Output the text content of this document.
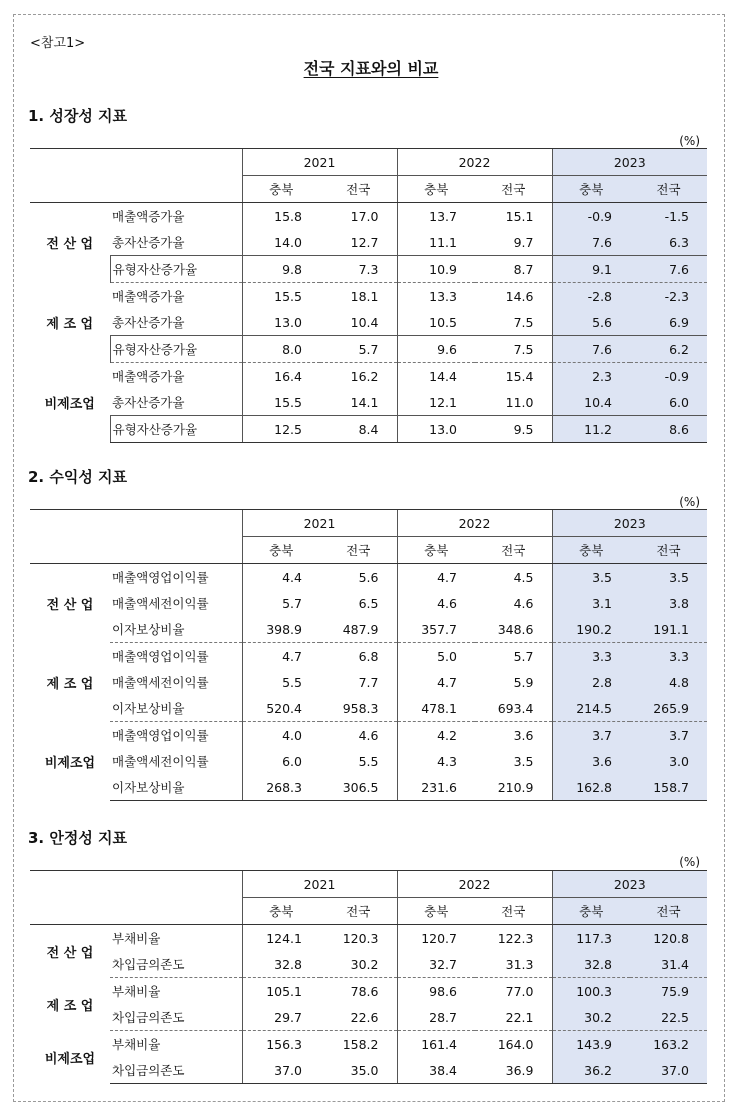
<참고1>
전국 지표와의 비교
1. 성장성 지표
(%)
		2021		2022		2023	
		충북	전국	충북	전국	충북	전국
전 산 업	매출액증가율	15.8	17.0	13.7	15.1	-0.9	-1.5
	총자산증가율	14.0	12.7	11.1	9.7	7.6	6.3
	유형자산증가율	9.8	7.3	10.9	8.7	9.1	7.6
제 조 업	매출액증가율	15.5	18.1	13.3	14.6	-2.8	-2.3
	총자산증가율	13.0	10.4	10.5	7.5	5.6	6.9
	유형자산증가율	8.0	5.7	9.6	7.5	7.6	6.2
비제조업	매출액증가율	16.4	16.2	14.4	15.4	2.3	-0.9
	총자산증가율	15.5	14.1	12.1	11.0	10.4	6.0
	유형자산증가율	12.5	8.4	13.0	9.5	11.2	8.6
2. 수익성 지표
(%)
		2021		2022		2023	
		충북	전국	충북	전국	충북	전국
전 산 업	매출액영업이익률	4.4	5.6	4.7	4.5	3.5	3.5
	매출액세전이익률	5.7	6.5	4.6	4.6	3.1	3.8
	이자보상비율	398.9	487.9	357.7	348.6	190.2	191.1
제 조 업	매출액영업이익률	4.7	6.8	5.0	5.7	3.3	3.3
	매출액세전이익률	5.5	7.7	4.7	5.9	2.8	4.8
	이자보상비율	520.4	958.3	478.1	693.4	214.5	265.9
비제조업	매출액영업이익률	4.0	4.6	4.2	3.6	3.7	3.7
	매출액세전이익률	6.0	5.5	4.3	3.5	3.6	3.0
	이자보상비율	268.3	306.5	231.6	210.9	162.8	158.7
3. 안정성 지표
(%)
		2021		2022		2023	
		충북	전국	충북	전국	충북	전국
전 산 업	부채비율	124.1	120.3	120.7	122.3	117.3	120.8
	차입금의존도	32.8	30.2	32.7	31.3	32.8	31.4
제 조 업	부채비율	105.1	78.6	98.6	77.0	100.3	75.9
	차입금의존도	29.7	22.6	28.7	22.1	30.2	22.5
비제조업	부채비율	156.3	158.2	161.4	164.0	143.9	163.2
	차입금의존도	37.0	35.0	38.4	36.9	36.2	37.0
